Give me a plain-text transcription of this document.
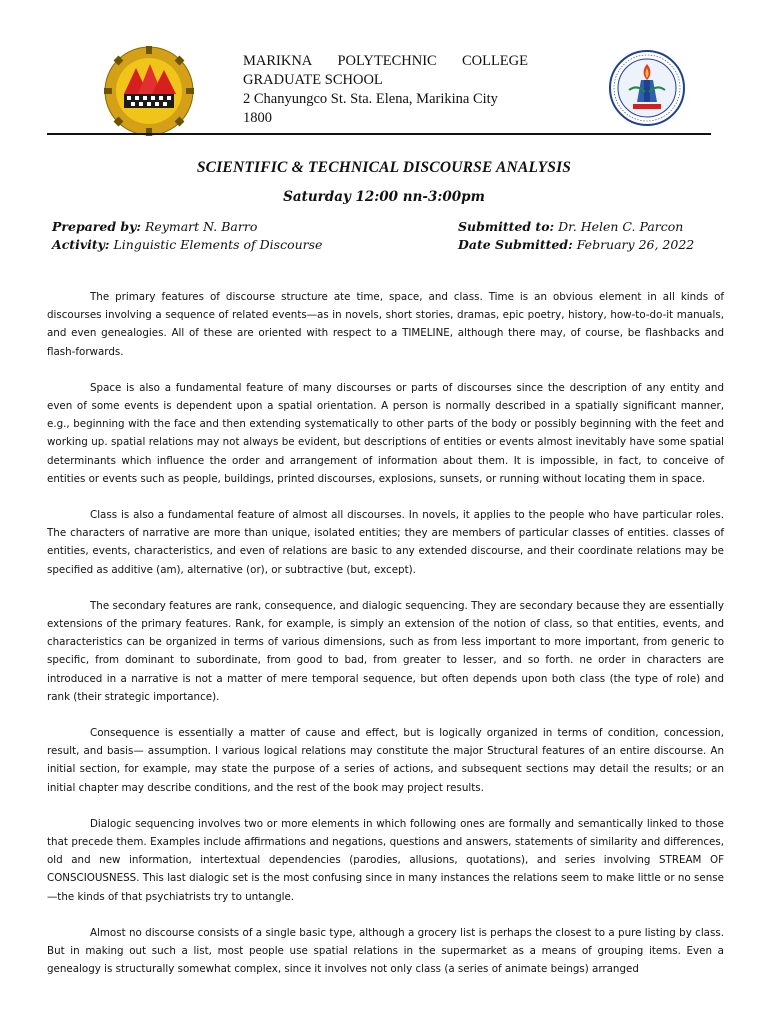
MARIKNA POLYTECHNIC COLLEGE
GRADUATE SCHOOL
2 Chanyungco St. Sta. Elena, Marikina City 1800
SCIENTIFIC & TECHNICAL DISCOURSE ANALYSIS
Saturday 12:00 nn-3:00pm
Prepared by: Reymart N. Barro
Activity: Linguistic Elements of Discourse
Submitted to: Dr. Helen C. Parcon
Date Submitted: February 26, 2022

The primary features of discourse structure ate time, space, and class. Time is an obvious element in all kinds of discourses involving a sequence of related events—as in novels, short stories, dramas, epic poetry, history, how-to-do-it manuals, and even genealogies. All of these are oriented with respect to a TIMELINE, although there may, of course, be flashbacks and flash-forwards.

Space is also a fundamental feature of many discourses or parts of discourses since the description of any entity and even of some events is dependent upon a spatial orientation. A person is normally described in a spatially significant manner, e.g., beginning with the face and then extending systematically to other parts of the body or possibly beginning with the feet and working up. spatial relations may not always be evident, but descriptions of entities or events almost inevitably have some spatial determinants which influence the order and arrangement of information about them. It is impossible, in fact, to conceive of entities or events such as people, buildings, printed discourses, explosions, sunsets, or running without locating them in space.

Class is also a fundamental feature of almost all discourses. In novels, it applies to the people who have particular roles. The characters of narrative are more than unique, isolated entities; they are members of particular classes of entities. classes of entities, events, characteristics, and even of relations are basic to any extended discourse, and their coordinate relations may be specified as additive (am), alternative (or), or subtractive (but, except).

The secondary features are rank, consequence, and dialogic sequencing. They are secondary because they are essentially extensions of the primary features. Rank, for example, is simply an extension of the notion of class, so that entities, events, and characteristics can be organized in terms of various dimensions, such as from less important to more important, from generic to specific, from dominant to subordinate, from good to bad, from greater to lesser, and so forth. ne order in characters are introduced in a narrative is not a matter of mere temporal sequence, but often depends upon both class (the type of role) and rank (their strategic importance).

Consequence is essentially a matter of cause and effect, but is logically organized in terms of condition, concession, result, and basis— assumption. I various logical relations may constitute the major Structural features of an entire discourse. An initial section, for example, may state the purpose of a series of actions, and subsequent sections may detail the results; or an initial chapter may describe conditions, and the rest of the book may project results.

Dialogic sequencing involves two or more elements in which following ones are formally and semantically linked to those that precede them. Examples include affirmations and negations, questions and answers, statements of similarity and differences, old and new information, intertextual dependencies (parodies, allusions, quotations), and series involving STREAM OF CONSCIOUSNESS. This last dialogic set is the most confusing since in many instances the relations seem to make little or no sense—the kinds of that psychiatrists try to untangle.

Almost no discourse consists of a single basic type, although a grocery list is perhaps the closest to a pure listing by class. But in making out such a list, most people use spatial relations in the supermarket as a means of grouping items. Even a genealogy is structurally somewhat complex, since it involves not only class (a series of animate beings) arranged
